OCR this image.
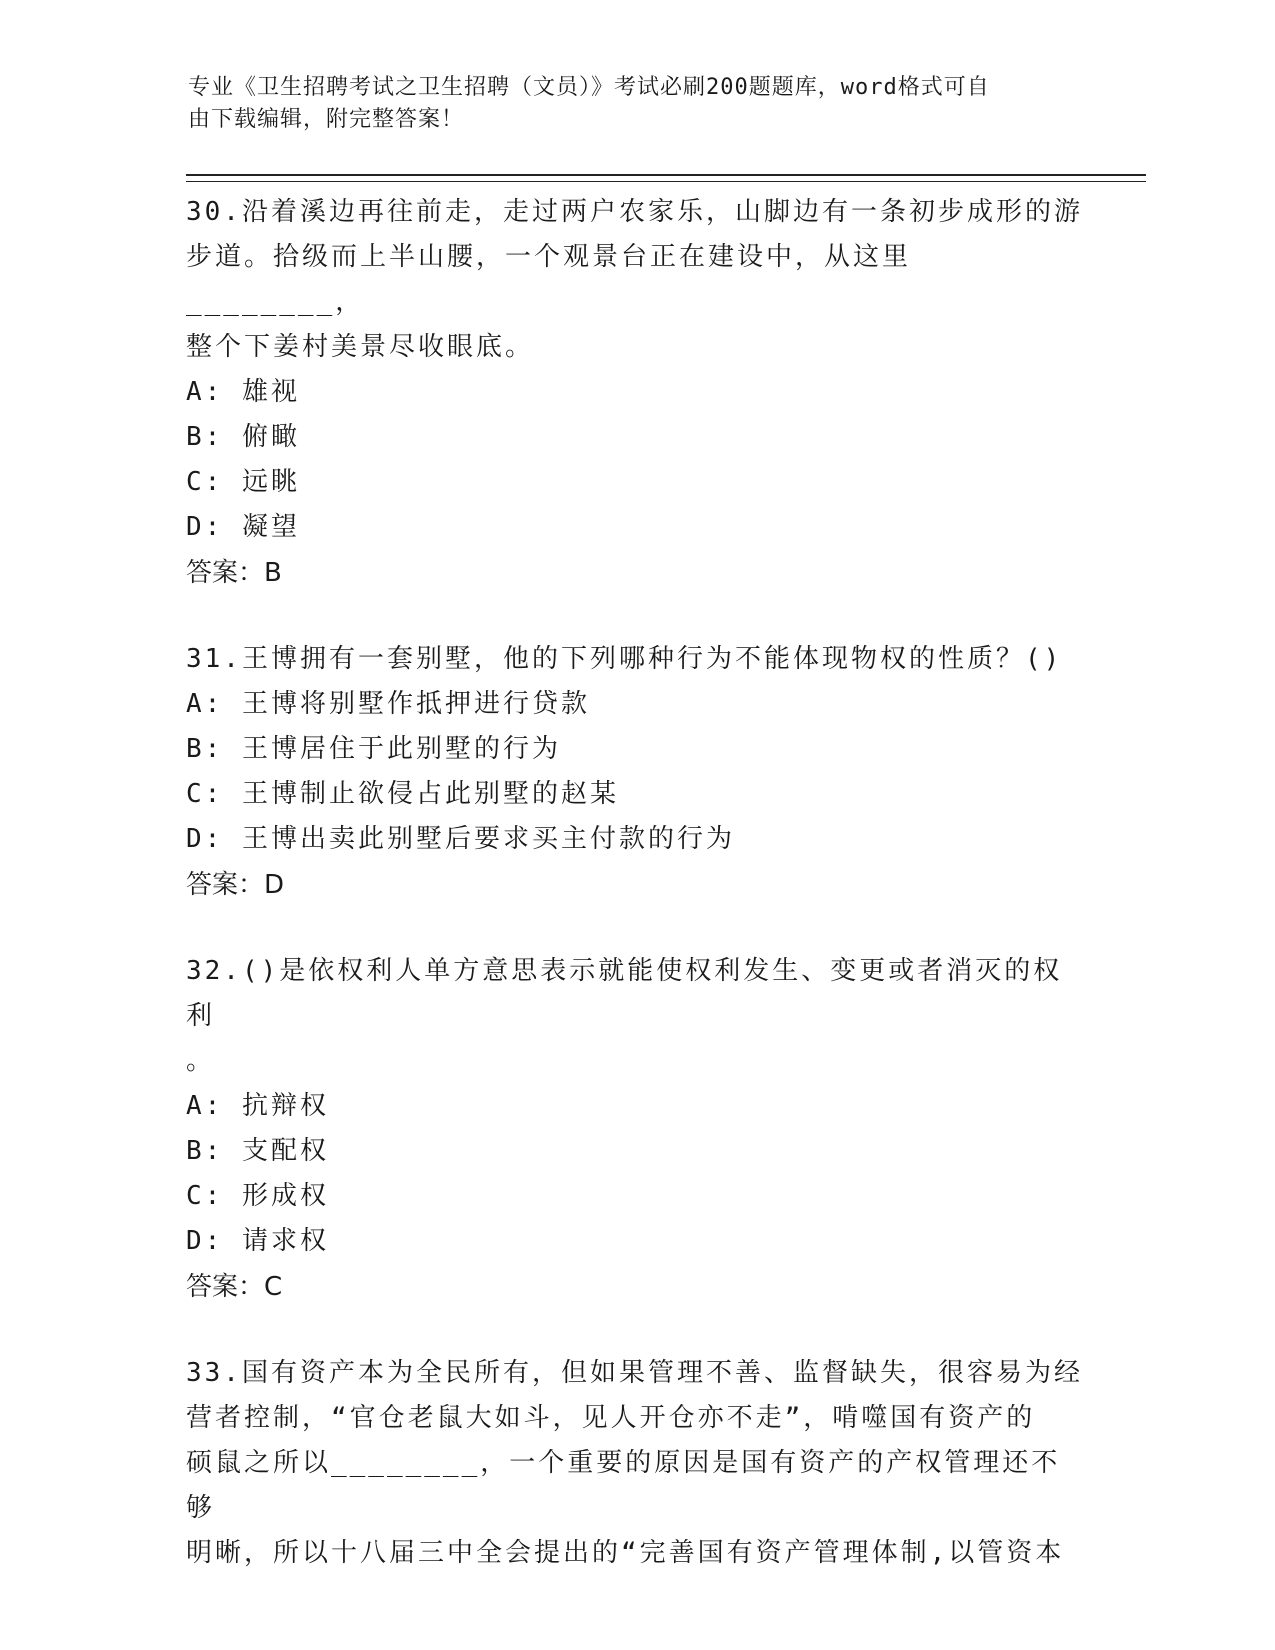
专业《卫生招聘考试之卫生招聘（文员）》考试必刷200题题库，word格式可自
由下载编辑，附完整答案！

30.沿着溪边再往前走，走过两户农家乐，山脚边有一条初步成形的游

步道。拾级而上半山腰，一个观景台正在建设中，从这里________，

整个下姜村美景尽收眼底。

A: 雄视

B: 俯瞰

C: 远眺

D: 凝望

答案：B

31.王博拥有一套别墅，他的下列哪种行为不能体现物权的性质？()

A: 王博将别墅作抵押进行贷款

B: 王博居住于此别墅的行为

C: 王博制止欲侵占此别墅的赵某

D: 王博出卖此别墅后要求买主付款的行为

答案：D

32.()是依权利人单方意思表示就能使权利发生、变更或者消灭的权利

。

A: 抗辩权

B: 支配权

C: 形成权

D: 请求权

答案：C

33.国有资产本为全民所有，但如果管理不善、监督缺失，很容易为经

营者控制，“官仓老鼠大如斗，见人开仓亦不走”，啃噬国有资产的

硕鼠之所以________，一个重要的原因是国有资产的产权管理还不够

明晰，所以十八届三中全会提出的“完善国有资产管理体制,以管资本
